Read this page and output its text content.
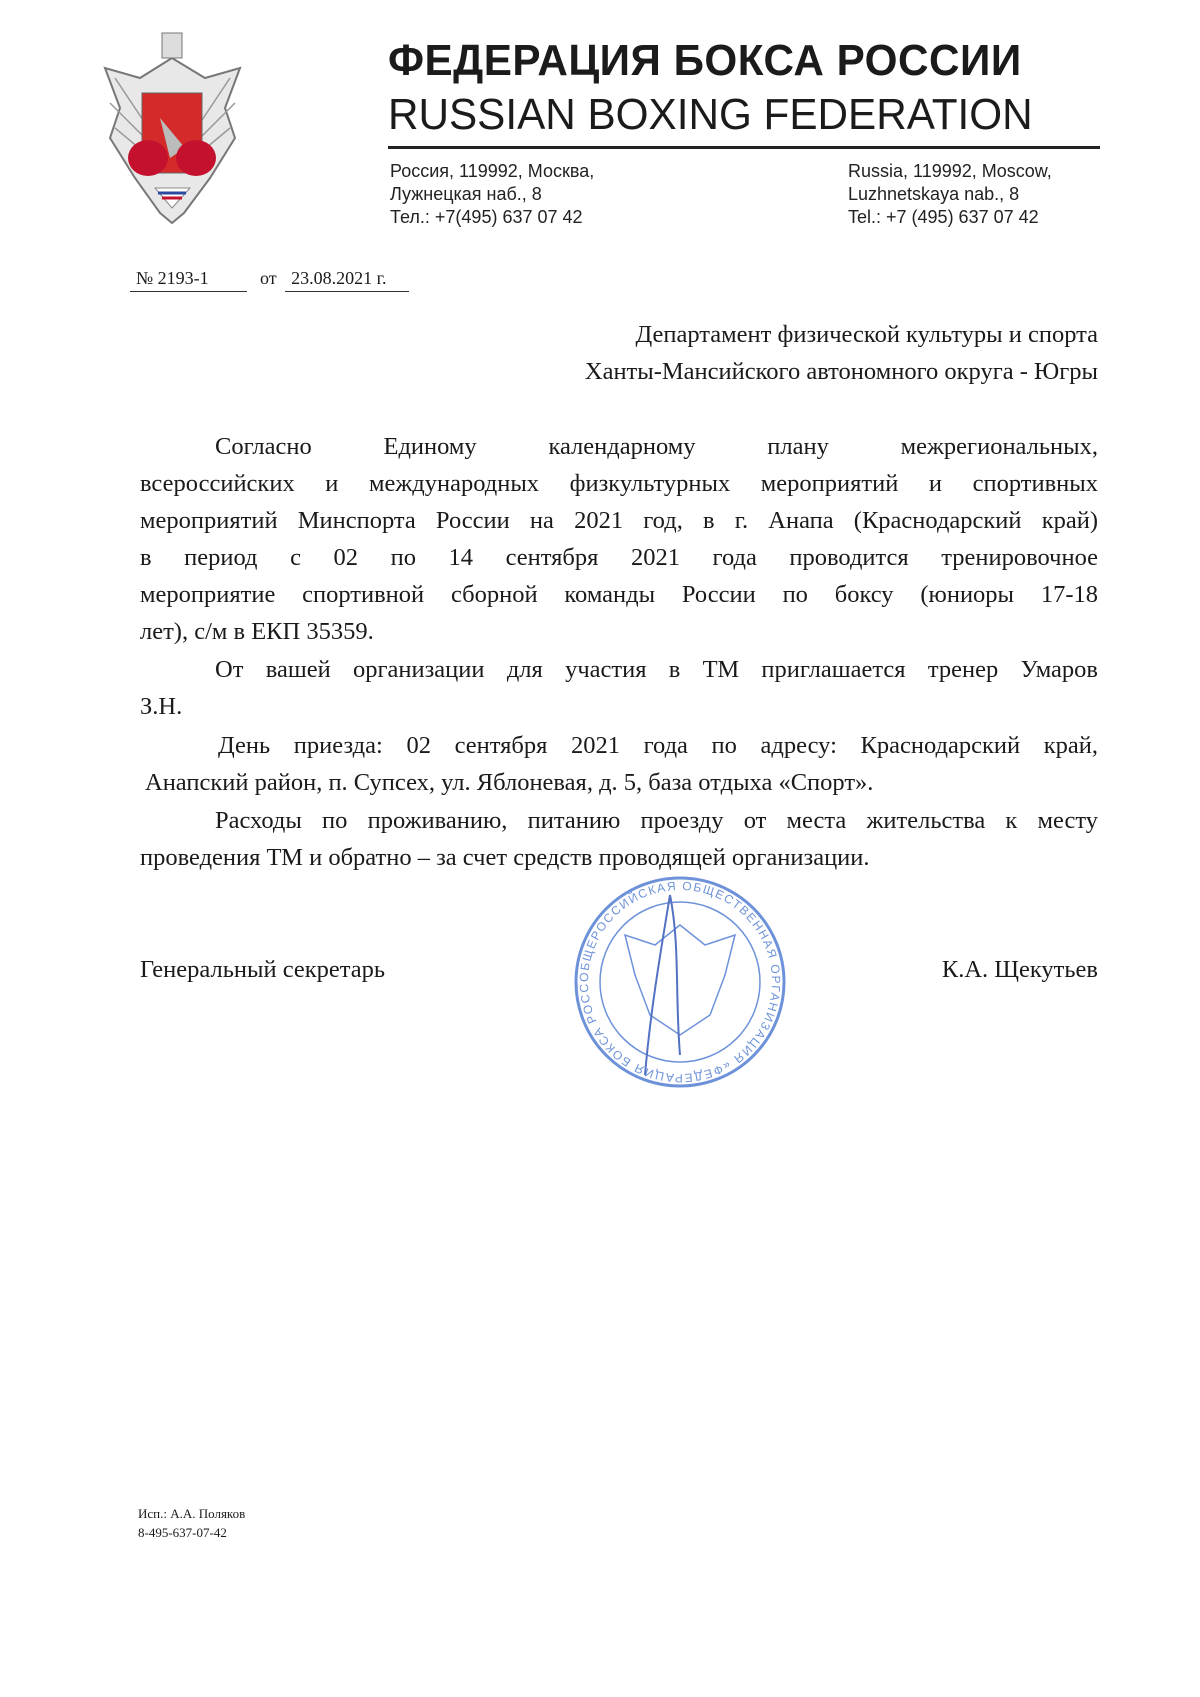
ФЕДЕРАЦИЯ БОКСА РОССИИ
RUSSIAN BOXING FEDERATION
Россия, 119992, Москва,
Лужнецкая наб., 8
Тел.: +7(495) 637 07 42
Russia, 119992, Moscow,
Luzhnetskaya nab., 8
Tel.: +7 (495) 637 07 42
№ 2193-1	от 23.08.2021 г.
Департамент физической культуры и спорта
Ханты-Мансийского автономного округа - Югры
Согласно Единому календарному плану межрегиональных,
всероссийских и международных физкультурных мероприятий и спортивных
мероприятий Минспорта России на 2021 год, в г. Анапа (Краснодарский край)
в период с 02 по 14 сентября 2021 года проводится тренировочное
мероприятие спортивной сборной команды России по боксу (юниоры 17-18
лет), с/м в ЕКП 35359.
От вашей организации для участия в ТМ приглашается тренер Умаров
З.Н.
День приезда: 02 сентября 2021 года по адресу: Краснодарский край,
Анапский район, п. Супсех, ул. Яблоневая, д. 5, база отдыха «Спорт».
Расходы по проживанию, питанию проезду от места жительства к месту
проведения ТМ и обратно – за счет средств проводящей организации.
ОБЩЕРОССИЙСКАЯ ОБЩЕСТВЕННАЯ ОРГАНИЗАЦИЯ «ФЕДЕРАЦИЯ БОКСА РОСС
Генеральный секретарь	К.А. Щекутьев
Исп.: А.А. Поляков
8-495-637-07-42
